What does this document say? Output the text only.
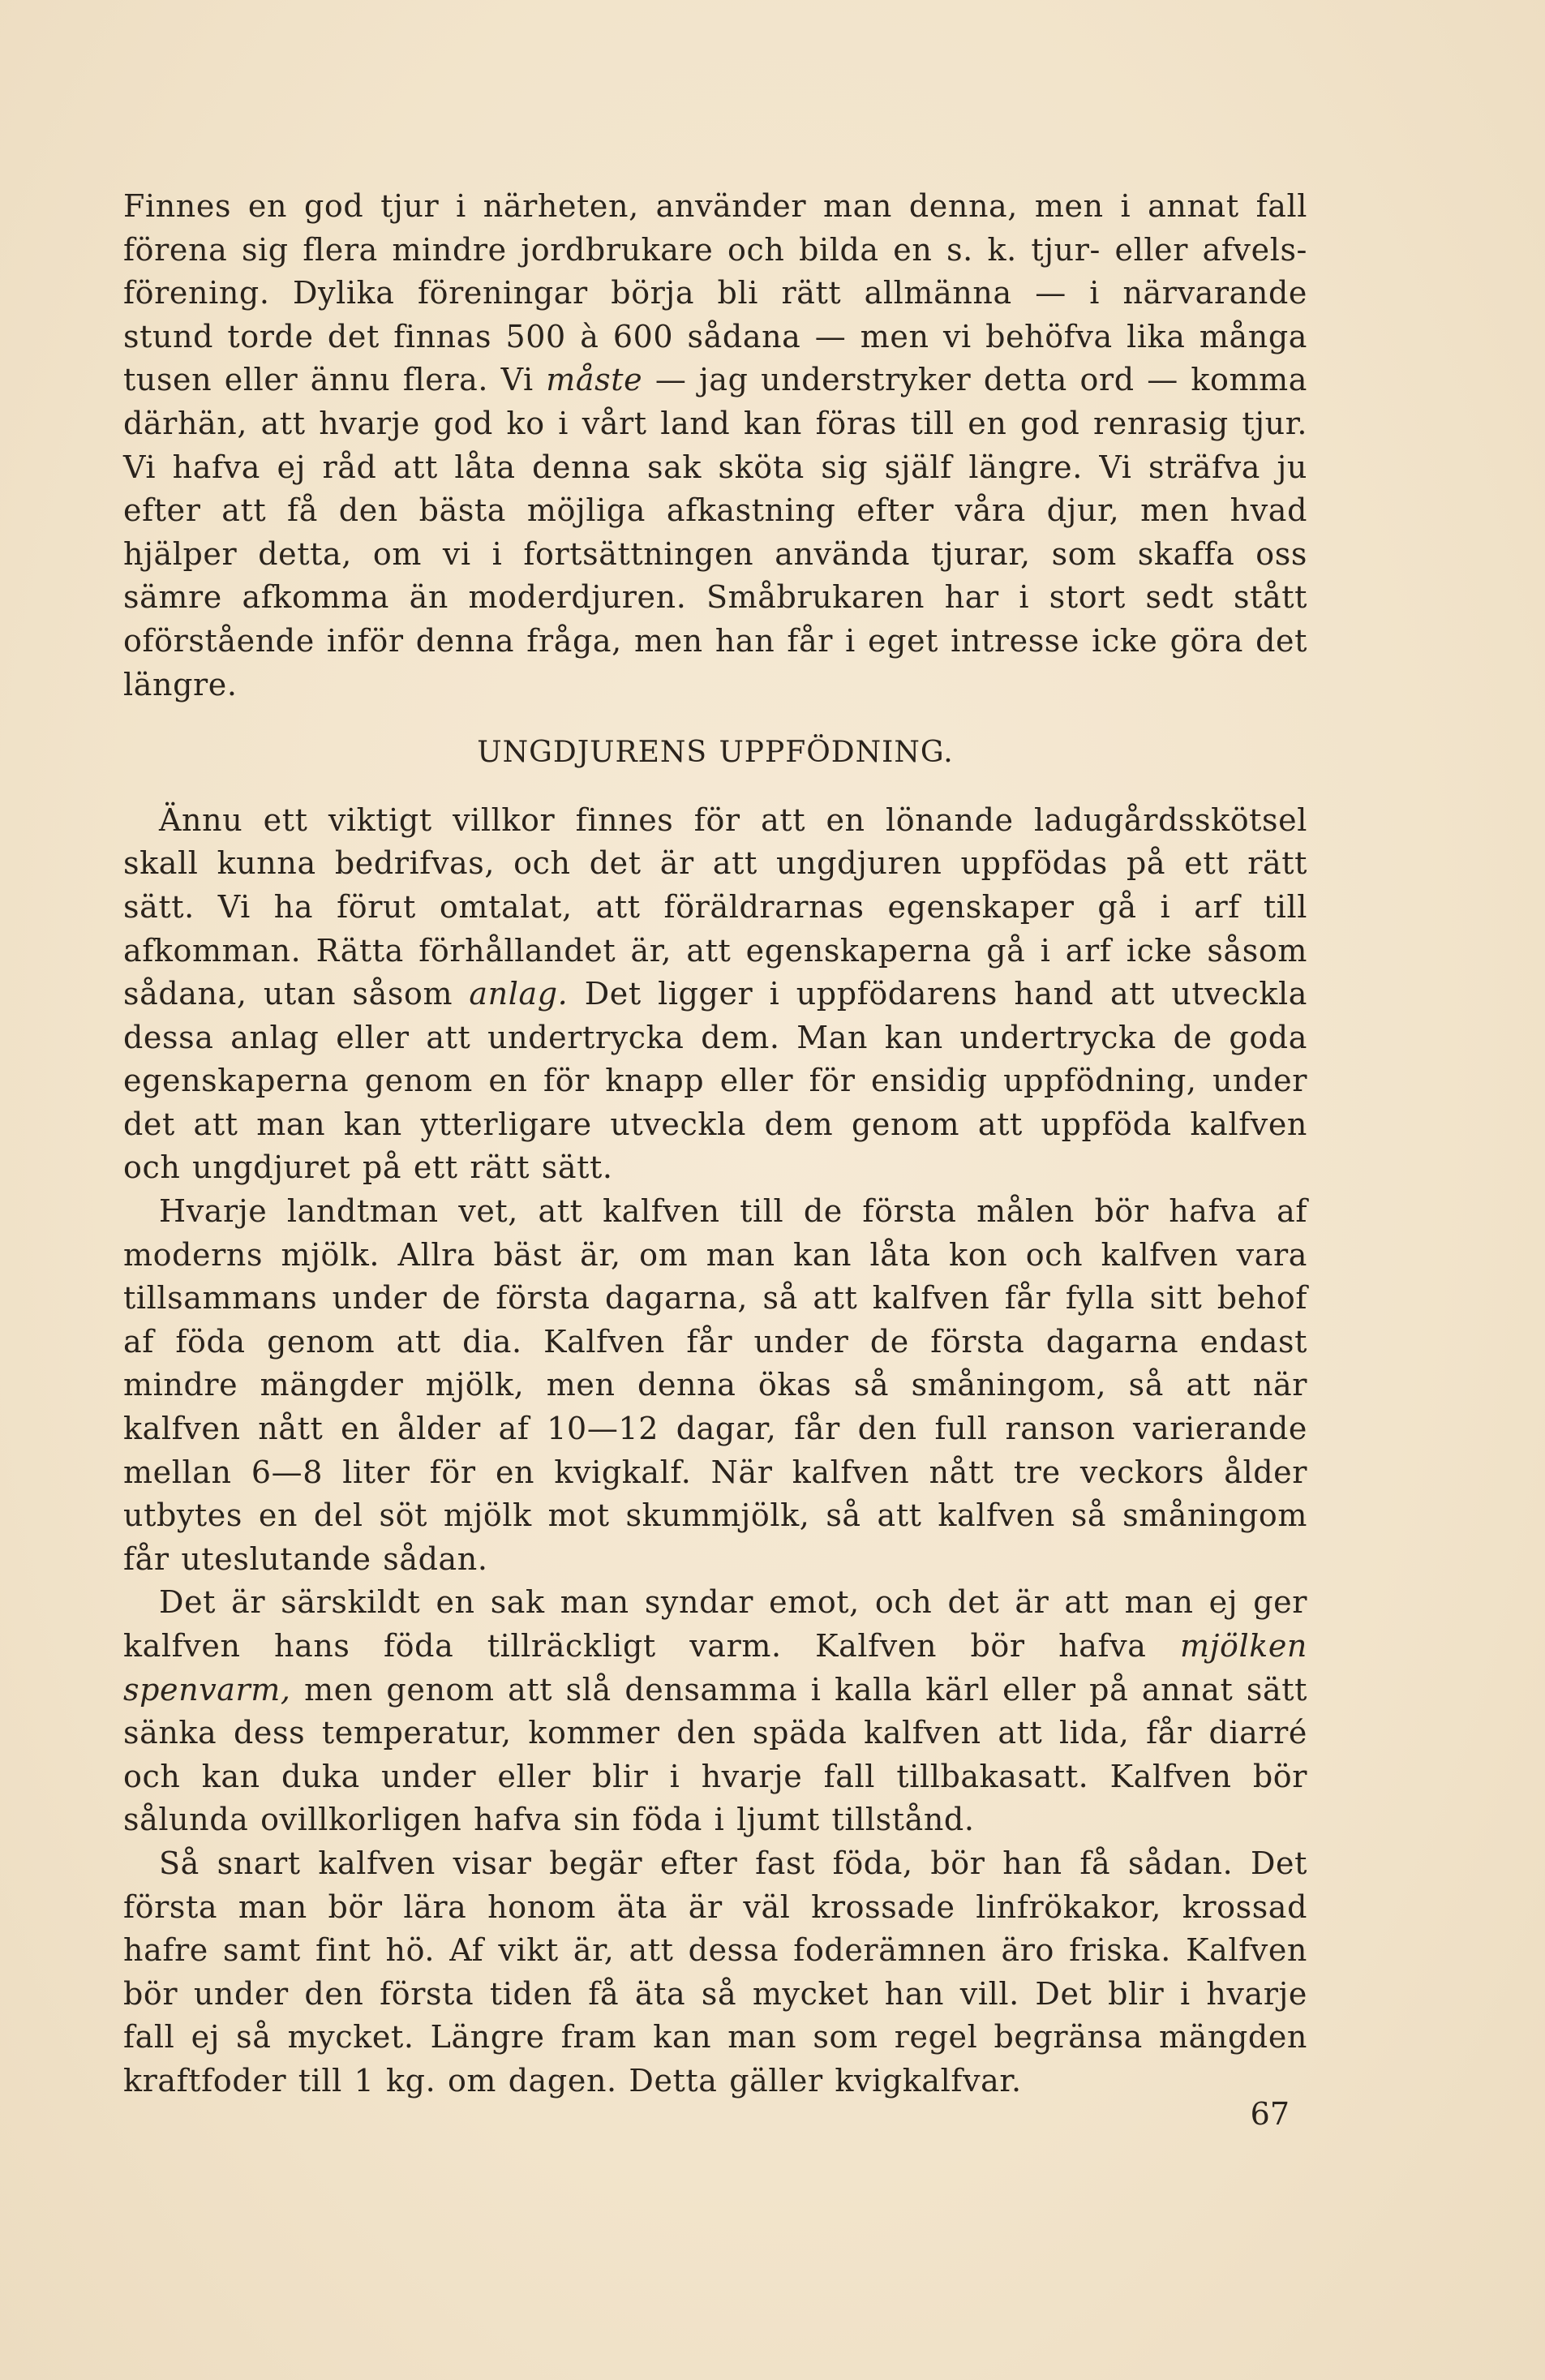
Finnes en god tjur i närheten, använder man denna, men i annat fall förena sig flera mindre jordbrukare och bilda en s. k. tjur- eller afvels-förening. Dylika föreningar börja bli rätt allmänna — i närvarande stund torde det finnas 500 à 600 sådana — men vi behöfva lika många tusen eller ännu flera. Vi måste — jag understryker detta ord — komma därhän, att hvarje god ko i vårt land kan föras till en god renrasig tjur. Vi hafva ej råd att låta denna sak sköta sig själf längre. Vi sträfva ju efter att få den bästa möjliga afkastning efter våra djur, men hvad hjälper detta, om vi i fortsättningen använda tjurar, som skaffa oss sämre afkomma än moderdjuren. Småbrukaren har i stort sedt stått oförstående inför denna fråga, men han får i eget intresse icke göra det längre.

UNGDJURENS UPPFÖDNING.

Ännu ett viktigt villkor finnes för att en lönande ladugårdsskötsel skall kunna bedrifvas, och det är att ungdjuren uppfödas på ett rätt sätt. Vi ha förut omtalat, att föräldrarnas egenskaper gå i arf till afkomman. Rätta förhållandet är, att egenskaperna gå i arf icke såsom sådana, utan såsom anlag. Det ligger i uppfödarens hand att utveckla dessa anlag eller att undertrycka dem. Man kan undertrycka de goda egenskaperna genom en för knapp eller för ensidig uppfödning, under det att man kan ytterligare utveckla dem genom att uppföda kalfven och ungdjuret på ett rätt sätt.

Hvarje landtman vet, att kalfven till de första målen bör hafva af moderns mjölk. Allra bäst är, om man kan låta kon och kalfven vara tillsammans under de första dagarna, så att kalfven får fylla sitt behof af föda genom att dia. Kalfven får under de första dagarna endast mindre mängder mjölk, men denna ökas så småningom, så att när kalfven nått en ålder af 10—12 dagar, får den full ranson varierande mellan 6—8 liter för en kvigkalf. När kalfven nått tre veckors ålder utbytes en del söt mjölk mot skummjölk, så att kalfven så småningom får uteslutande sådan.

Det är särskildt en sak man syndar emot, och det är att man ej ger kalfven hans föda tillräckligt varm. Kalfven bör hafva mjölken spenvarm, men genom att slå densamma i kalla kärl eller på annat sätt sänka dess temperatur, kommer den späda kalfven att lida, får diarré och kan duka under eller blir i hvarje fall tillbakasatt. Kalfven bör sålunda ovillkorligen hafva sin föda i ljumt tillstånd.

Så snart kalfven visar begär efter fast föda, bör han få sådan. Det första man bör lära honom äta är väl krossade linfrökakor, krossad hafre samt fint hö. Af vikt är, att dessa foderämnen äro friska. Kalfven bör under den första tiden få äta så mycket han vill. Det blir i hvarje fall ej så mycket. Längre fram kan man som regel begränsa mängden kraftfoder till 1 kg. om dagen. Detta gäller kvigkalfvar.

67
